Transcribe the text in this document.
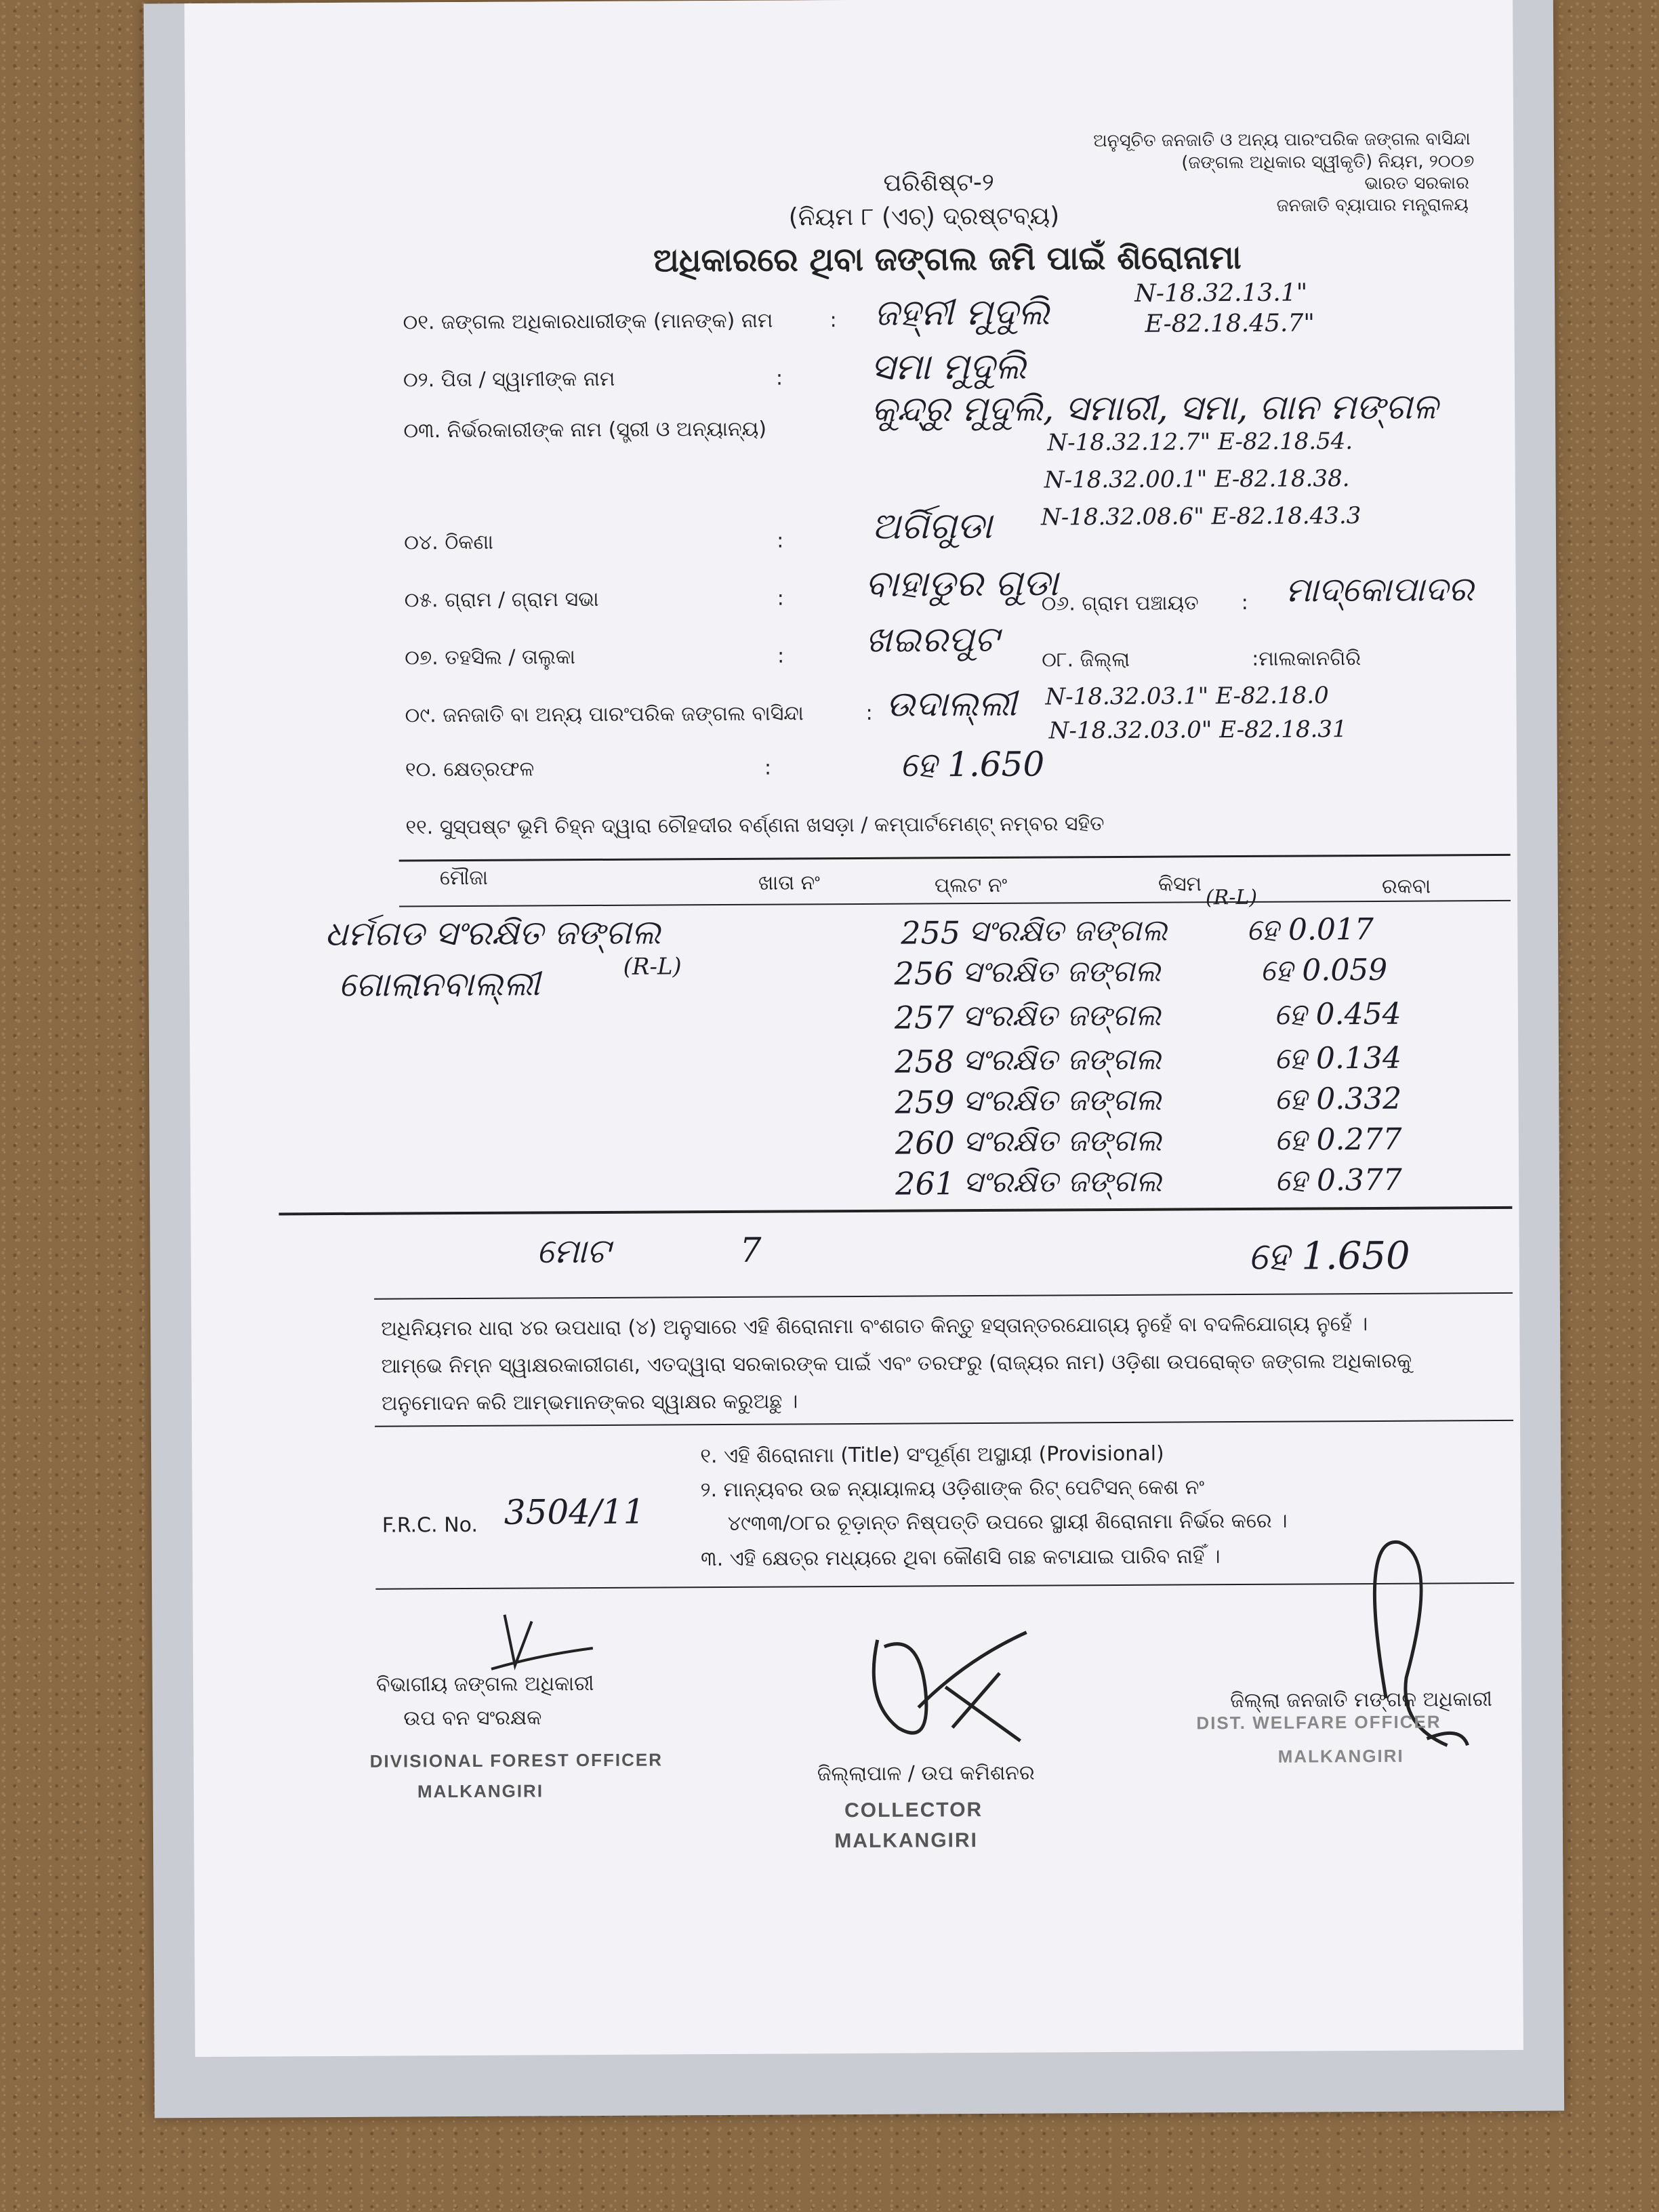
ଅନୁସୂଚିତ ଜନଜାତି ଓ ଅନ୍ୟ ପାରଂପରିକ ଜଙ୍ଗଲ ବାସିନ୍ଦା
(ଜଙ୍ଗଲ ଅଧିକାର ସ୍ୱୀକୃତି) ନିୟମ, ୨୦୦୭
ଭାରତ ସରକାର
ଜନଜାତି ବ୍ୟାପାର ମନ୍ତ୍ରାଳୟ
ପରିଶିଷ୍ଟ-୨
(ନିୟମ ୮ (ଏଚ୍) ଦ୍ରଷ୍ଟବ୍ୟ)
ଅଧିକାରରେ ଥିବା ଜଙ୍ଗଲ ଜମି ପାଇଁ ଶିରୋନାମା
୦୧. ଜଙ୍ଗଲ ଅଧିକାରଧାରୀଙ୍କ (ମାନଙ୍କ) ନାମ	: ଜହ୍ନୀ ମୁଦୁଲି	N-18.32.13.1"
E-82.18.45.7"
୦୨. ପିତା / ସ୍ୱାମୀଙ୍କ ନାମ	: ସମା ମୁଦୁଲି
୦୩. ନିର୍ଭରକାରୀଙ୍କ ନାମ (ସ୍ତ୍ରୀ ଓ ଅନ୍ୟାନ୍ୟ)	କୁନ୍ଦ୍ରୁ ମୁଦୁଲି, ସମାରୀ, ସମା, ଗାନ ମଙ୍ଗଳ
N-18.32.12.7" E-82.18.54.
N-18.32.00.1" E-82.18.38.
N-18.32.08.6" E-82.18.43.3
୦୪. ଠିକଣା	: ଅର୍ଗିଗୁଡା
୦୫. ଗ୍ରାମ / ଗ୍ରାମ ସଭା	: ବାହାଡୁର ଗୁଡା
୦୬. ଗ୍ରାମ ପଞ୍ଚାୟତ : ମାଦ୍କୋପାଦର
୦୭. ତହସିଲ / ତାଲୁକା	: ଖଇରପୁଟ ୦୮. ଜିଲ୍ଲା	:ମାଲକାନଗିରି
୦୯. ଜନଜାତି ବା ଅନ୍ୟ ପାରଂପରିକ ଜଙ୍ଗଲ ବାସିନ୍ଦା	: ଉଦାଲ୍ଲୀ N-18.32.03.1" E-82.18.0
N-18.32.03.0" E-82.18.31
୧୦. କ୍ଷେତ୍ରଫଳ	:	ହେ 1.650
୧୧. ସୁସ୍ପଷ୍ଟ ଭୂମି ଚିହ୍ନ ଦ୍ୱାରା ଚୌହଦୀର ବର୍ଣ୍ଣନା ଖସଡ଼ା / କମ୍ପାର୍ଟମେଣ୍ଟ୍ ନମ୍ବର ସହିତ
ମୌଜା	ଖାତା ନଂ	ପ୍ଲଟ ନଂ	କିସମ	ରକବା
ଧର୍ମଗଡ ସଂରକ୍ଷିତ ଜଙ୍ଗଲ
(R-L)
ଗୋଲାନବାଲ୍ଲୀ
(R-L)
255 ସଂରକ୍ଷିତ ଜଙ୍ଗଲ	ହେ 0.017
256 ସଂରକ୍ଷିତ ଜଙ୍ଗଲ	ହେ 0.059
257 ସଂରକ୍ଷିତ ଜଙ୍ଗଲ	ହେ 0.454
258 ସଂରକ୍ଷିତ ଜଙ୍ଗଲ	ହେ 0.134
259 ସଂରକ୍ଷିତ ଜଙ୍ଗଲ	ହେ 0.332
260 ସଂରକ୍ଷିତ ଜଙ୍ଗଲ	ହେ 0.277
261 ସଂରକ୍ଷିତ ଜଙ୍ଗଲ	ହେ 0.377
ମୋଟ	7	ହେ 1.650
ଅଧିନିୟମର ଧାରା ୪ର ଉପଧାରା (୪) ଅନୁସାରେ ଏହି ଶିରୋନାମା ବଂଶଗତ କିନ୍ତୁ ହସ୍ତାନ୍ତରଯୋଗ୍ୟ ନୁହେଁ ବା ବଦଳିଯୋଗ୍ୟ ନୁହେଁ ।
ଆମ୍ଭେ ନିମ୍ନ ସ୍ୱାକ୍ଷରକାରୀଗଣ, ଏତଦ୍ୱାରା ସରକାରଙ୍କ ପାଇଁ ଏବଂ ତରଫରୁ (ରାଜ୍ୟର ନାମ) ଓଡ଼ିଶା ଉପରୋକ୍ତ ଜଙ୍ଗଲ ଅଧିକାରକୁ
ଅନୁମୋଦନ କରି ଆମ୍ଭମାନଙ୍କର ସ୍ୱାକ୍ଷର କରୁଅଛୁ ।
୧. ଏହି ଶିରୋନାମା (Title) ସଂପୂର୍ଣ୍ଣ ଅସ୍ଥାୟୀ (Provisional)
୨. ମାନ୍ୟବର ଉଚ୍ଚ ନ୍ୟାୟାଳୟ ଓଡ଼ିଶାଙ୍କ ରିଟ୍ ପେଟିସନ୍ କେଶ ନଂ
୪୯୩୩/୦୮ର ଚୂଡ଼ାନ୍ତ ନିଷ୍ପତ୍ତି ଉପରେ ସ୍ଥାୟୀ ଶିରୋନାମା ନିର୍ଭର କରେ ।
୩. ଏହି କ୍ଷେତ୍ର ମଧ୍ୟରେ ଥିବା କୌଣସି ଗଛ କଟାଯାଇ ପାରିବ ନାହିଁ ।
F.R.C. No. 3504/11
ବିଭାଗୀୟ ଜଙ୍ଗଲ ଅଧିକାରୀ
ଉପ ବନ ସଂରକ୍ଷକ
DIVISIONAL FOREST OFFICER
MALKANGIRI
ଜିଲ୍ଲାପାଳ / ଉପ କମିଶନର
COLLECTOR
MALKANGIRI
DIST. WELFARE OFFICER
ଜିଲ୍ଲା ଜନଜାତି ମଙ୍ଗଳ ଅଧିକାରୀ
MALKANGIRI
